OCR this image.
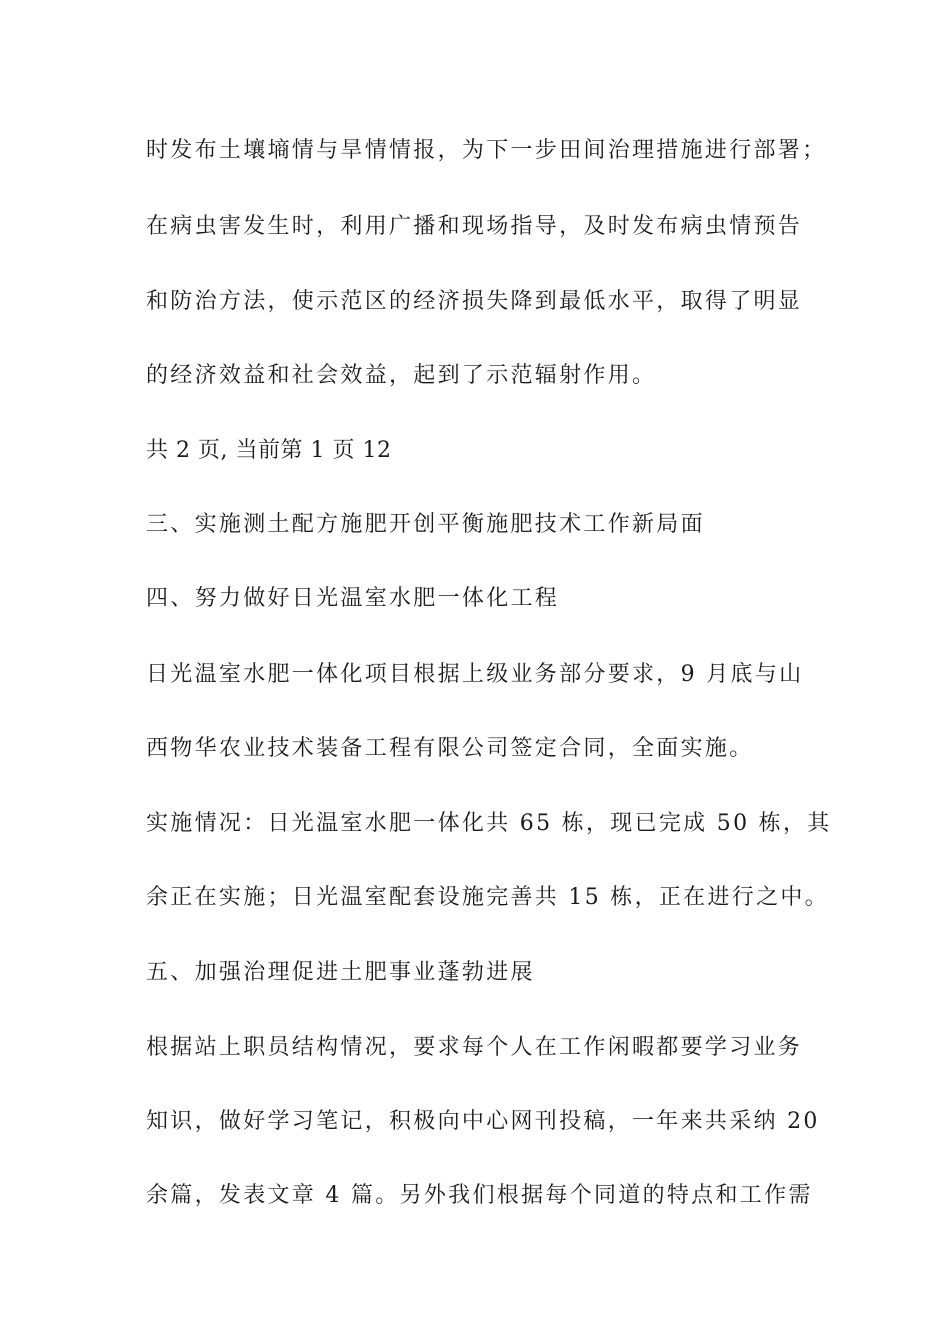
时发布土壤墒情与旱情情报，为下一步田间治理措施进行部署；
在病虫害发生时，利用广播和现场指导，及时发布病虫情预告
和防治方法，使示范区的经济损失降到最低水平，取得了明显
的经济效益和社会效益，起到了示范辐射作用。
共 2 页, 当前第 1 页 12
三、实施测土配方施肥开创平衡施肥技术工作新局面
四、努力做好日光温室水肥一体化工程
日光温室水肥一体化项目根据上级业务部分要求，9 月底与山
西物华农业技术装备工程有限公司签定合同，全面实施。
实施情况：日光温室水肥一体化共 65 栋，现已完成 50 栋，其
余正在实施；日光温室配套设施完善共 15 栋，正在进行之中。
五、加强治理促进土肥事业蓬勃进展
根据站上职员结构情况，要求每个人在工作闲暇都要学习业务
知识，做好学习笔记，积极向中心网刊投稿，一年来共采纳 20
余篇，发表文章 4 篇。另外我们根据每个同道的特点和工作需
